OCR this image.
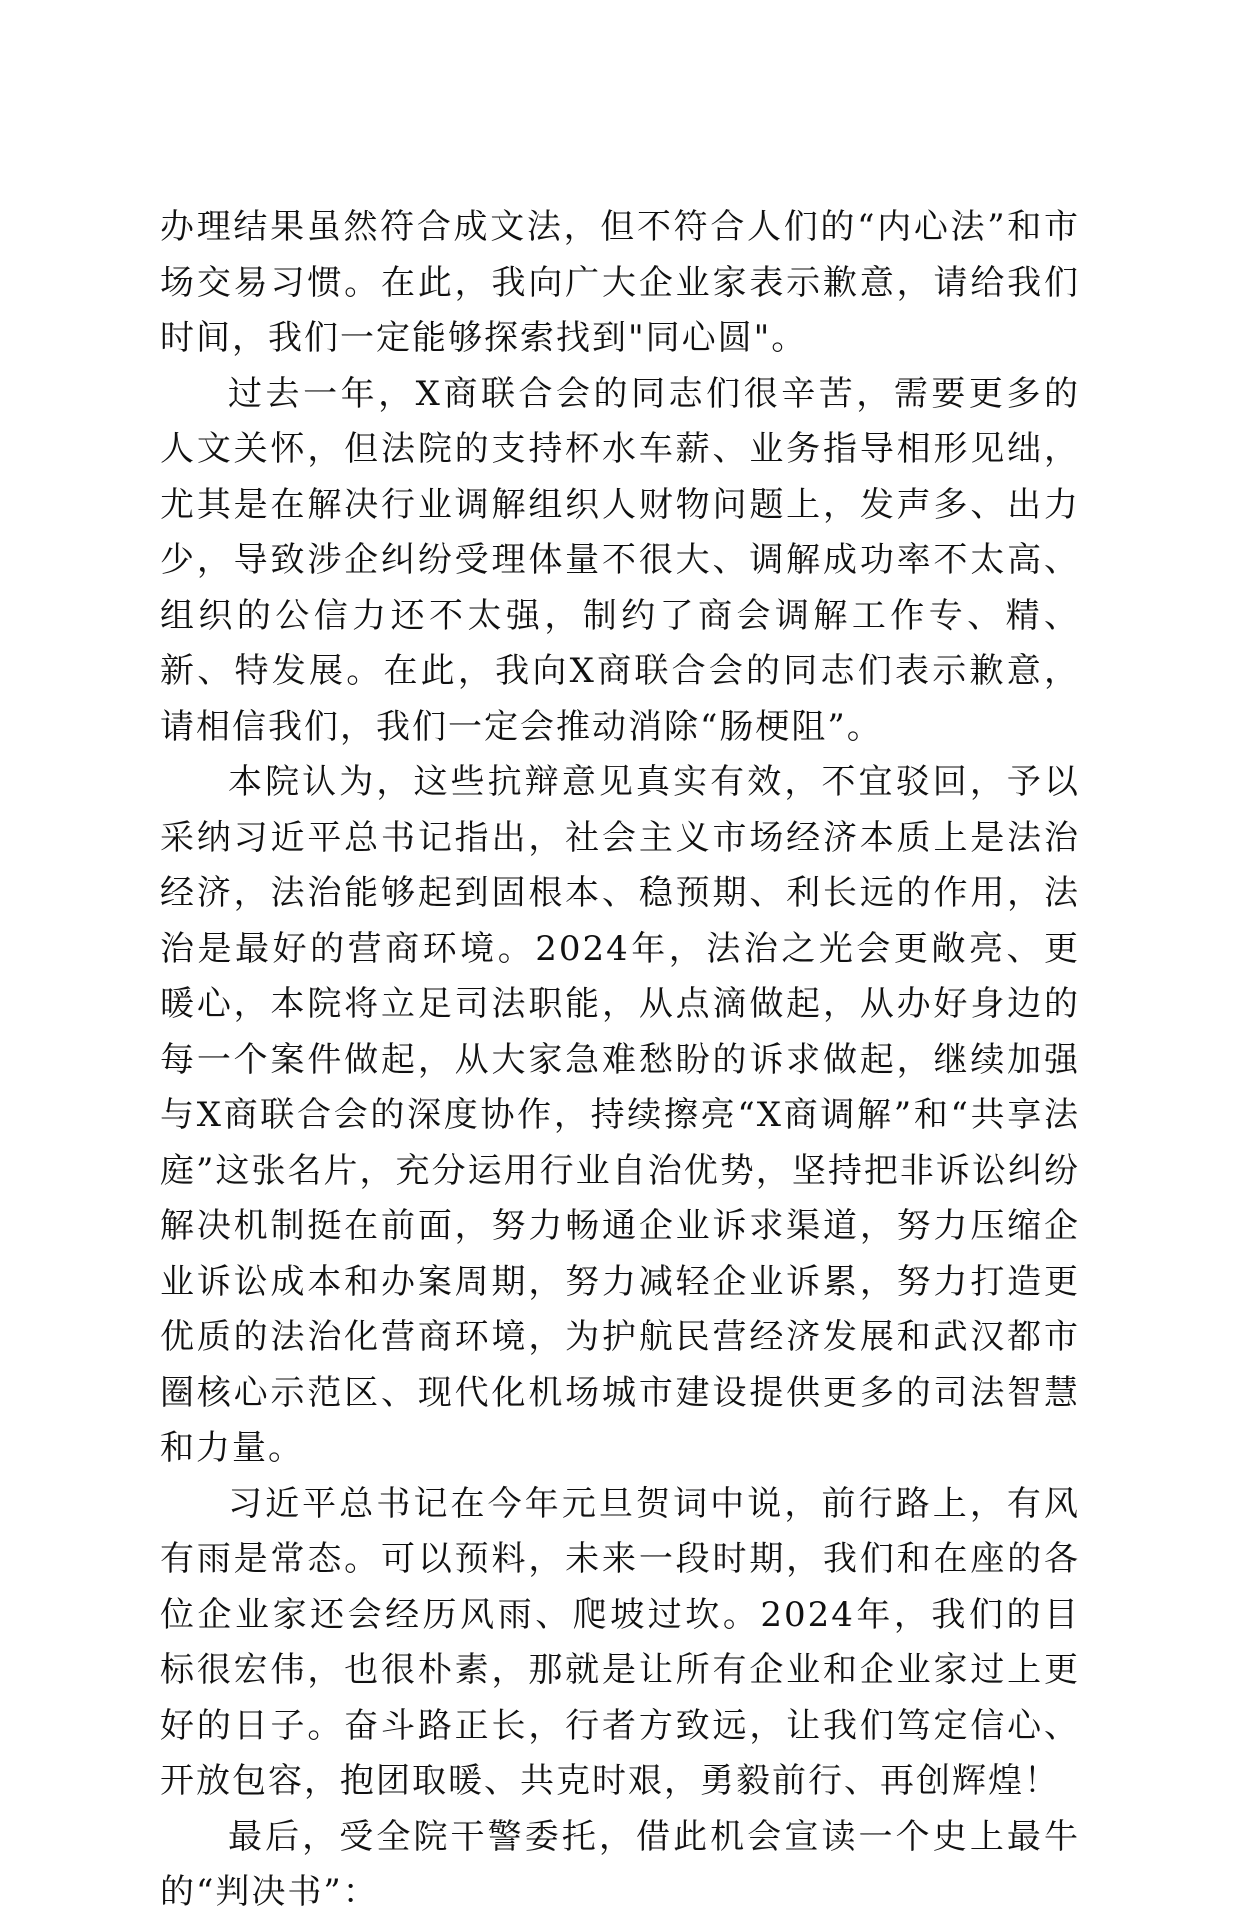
办理结果虽然符合成文法，但不符合人们的“内心法”和市场交易习惯。在此，我向广大企业家表示歉意，请给我们时间，我们一定能够探索找到"同心圆"。

过去一年，X商联合会的同志们很辛苦，需要更多的人文关怀，但法院的支持杯水车薪、业务指导相形见绌，尤其是在解决行业调解组织人财物问题上，发声多、出力少，导致涉企纠纷受理体量不很大、调解成功率不太高、组织的公信力还不太强，制约了商会调解工作专、精、新、特发展。在此，我向X商联合会的同志们表示歉意，请相信我们，我们一定会推动消除“肠梗阻”。

本院认为，这些抗辩意见真实有效，不宜驳回，予以采纳习近平总书记指出，社会主义市场经济本质上是法治经济，法治能够起到固根本、稳预期、利长远的作用，法治是最好的营商环境。2024年，法治之光会更敞亮、更暖心，本院将立足司法职能，从点滴做起，从办好身边的每一个案件做起，从大家急难愁盼的诉求做起，继续加强与X商联合会的深度协作，持续擦亮“X商调解”和“共享法庭”这张名片，充分运用行业自治优势，坚持把非诉讼纠纷解决机制挺在前面，努力畅通企业诉求渠道，努力压缩企业诉讼成本和办案周期，努力减轻企业诉累，努力打造更优质的法治化营商环境，为护航民营经济发展和武汉都市圈核心示范区、现代化机场城市建设提供更多的司法智慧和力量。

习近平总书记在今年元旦贺词中说，前行路上，有风有雨是常态。可以预料，未来一段时期，我们和在座的各位企业家还会经历风雨、爬坡过坎。2024年，我们的目标很宏伟，也很朴素，那就是让所有企业和企业家过上更好的日子。奋斗路正长，行者方致远，让我们笃定信心、开放包容，抱团取暖、共克时艰，勇毅前行、再创辉煌！

最后，受全院干警委托，借此机会宣读一个史上最牛的“判决书”：
